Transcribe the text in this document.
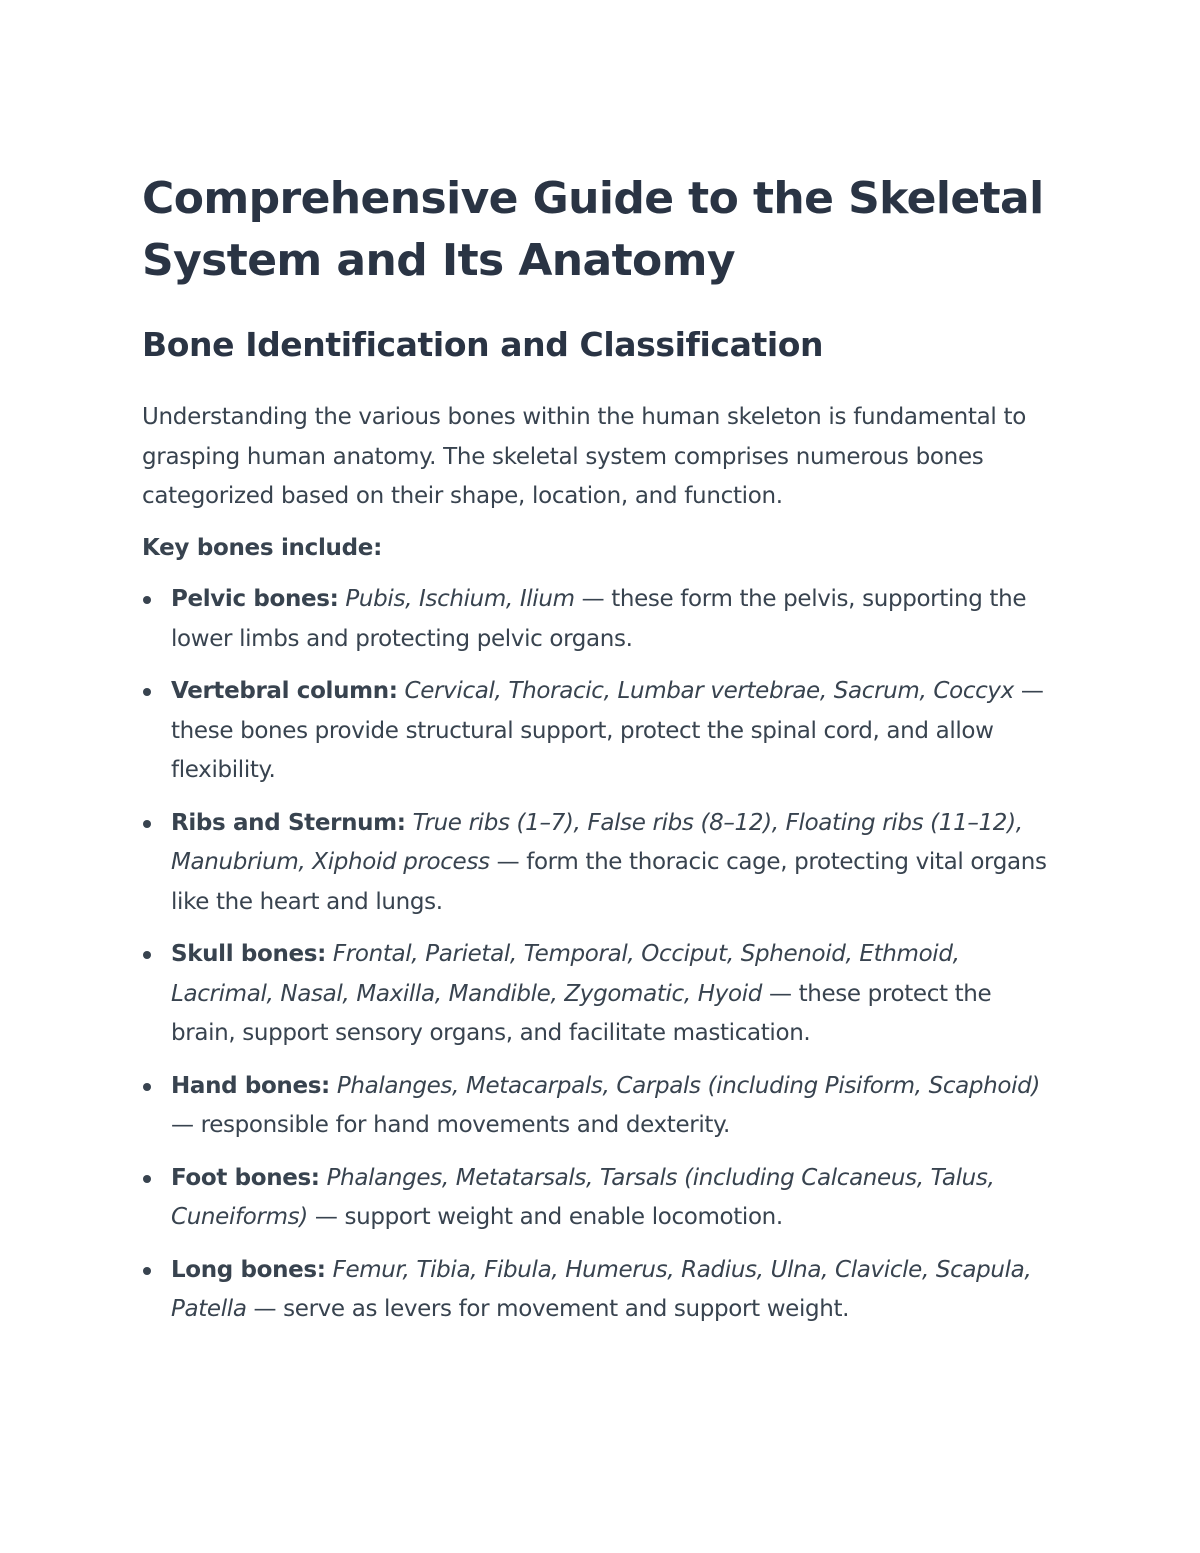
Comprehensive Guide to the Skeletal System and Its Anatomy
Bone Identification and Classification

Understanding the various bones within the human skeleton is fundamental to grasping human anatomy. The skeletal system comprises numerous bones categorized based on their shape, location, and function.

Key bones include:

Pelvic bones: Pubis, Ischium, Ilium — these form the pelvis, supporting the lower limbs and protecting pelvic organs.
Vertebral column: Cervical, Thoracic, Lumbar vertebrae, Sacrum, Coccyx — these bones provide structural support, protect the spinal cord, and allow flexibility.
Ribs and Sternum: True ribs (1–7), False ribs (8–12), Floating ribs (11–12), Manubrium, Xiphoid process — form the thoracic cage, protecting vital organs like the heart and lungs.
Skull bones: Frontal, Parietal, Temporal, Occiput, Sphenoid, Ethmoid, Lacrimal, Nasal, Maxilla, Mandible, Zygomatic, Hyoid — these protect the brain, support sensory organs, and facilitate mastication.
Hand bones: Phalanges, Metacarpals, Carpals (including Pisiform, Scaphoid) — responsible for hand movements and dexterity.
Foot bones: Phalanges, Metatarsals, Tarsals (including Calcaneus, Talus, Cuneiforms) — support weight and enable locomotion.
Long bones: Femur, Tibia, Fibula, Humerus, Radius, Ulna, Clavicle, Scapula, Patella — serve as levers for movement and support weight.
